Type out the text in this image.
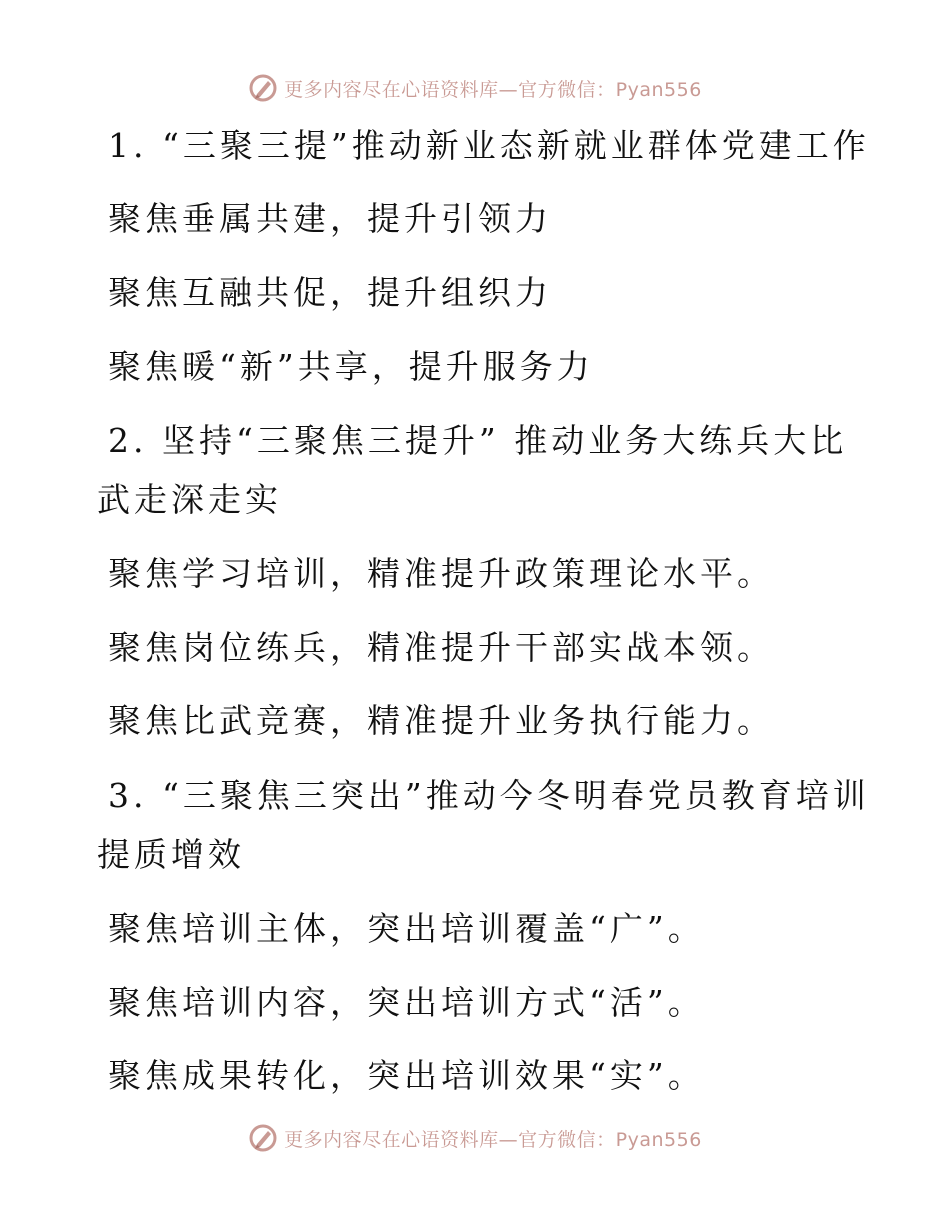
更多内容尽在心语资料库—官方微信：Pyan556
1. “三聚三提”推动新业态新就业群体党建工作
聚焦垂属共建，提升引领力
聚焦互融共促，提升组织力
聚焦暖“新”共享，提升服务力
2. 坚持“三聚焦三提升” 推动业务大练兵大比
武走深走实
聚焦学习培训，精准提升政策理论水平。
聚焦岗位练兵，精准提升干部实战本领。
聚焦比武竞赛，精准提升业务执行能力。
3. “三聚焦三突出”推动今冬明春党员教育培训
提质增效
聚焦培训主体，突出培训覆盖“广”。
聚焦培训内容，突出培训方式“活”。
聚焦成果转化，突出培训效果“实”。
更多内容尽在心语资料库—官方微信：Pyan556
